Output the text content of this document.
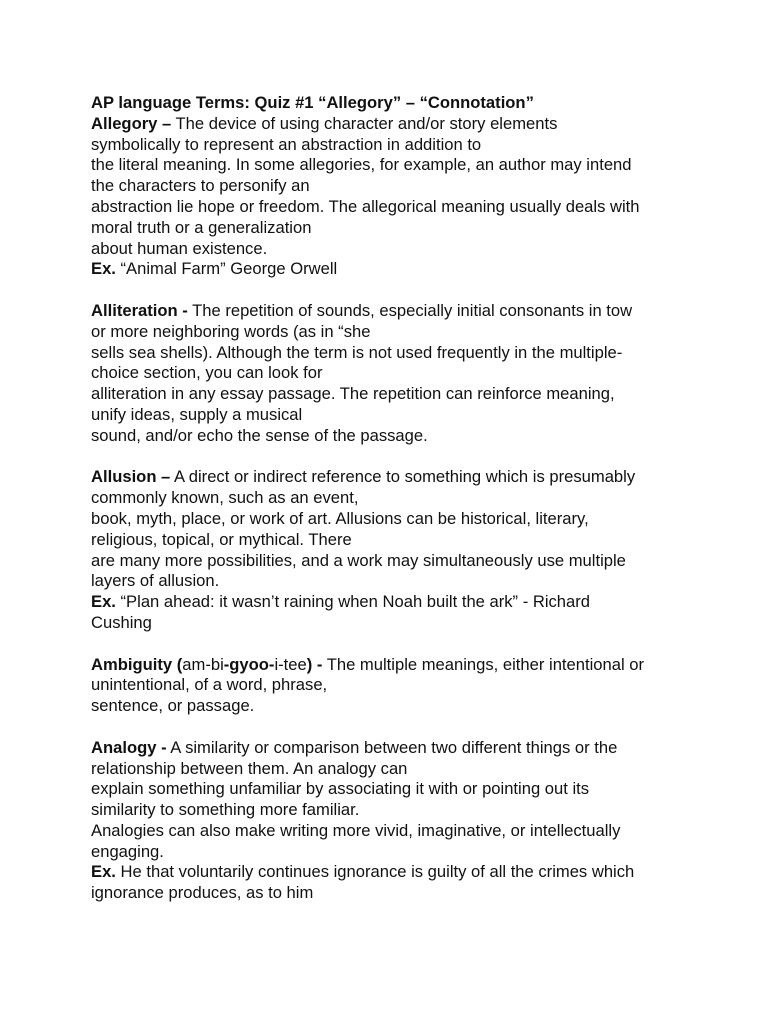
AP language Terms: Quiz #1 “Allegory” – “Connotation”
Allegory – The device of using character and/or story elements
symbolically to represent an abstraction in addition to
the literal meaning. In some allegories, for example, an author may intend
the characters to personify an
abstraction lie hope or freedom. The allegorical meaning usually deals with
moral truth or a generalization
about human existence.
Ex. “Animal Farm” George Orwell
Alliteration - The repetition of sounds, especially initial consonants in tow
or more neighboring words (as in “she
sells sea shells). Although the term is not used frequently in the multiple-
choice section, you can look for
alliteration in any essay passage. The repetition can reinforce meaning,
unify ideas, supply a musical
sound, and/or echo the sense of the passage.
Allusion – A direct or indirect reference to something which is presumably
commonly known, such as an event,
book, myth, place, or work of art. Allusions can be historical, literary,
religious, topical, or mythical. There
are many more possibilities, and a work may simultaneously use multiple
layers of allusion.
Ex. “Plan ahead: it wasn’t raining when Noah built the ark” - Richard
Cushing
Ambiguity (am-bi-gyoo-i-tee) - The multiple meanings, either intentional or
unintentional, of a word, phrase,
sentence, or passage.
Analogy - A similarity or comparison between two different things or the
relationship between them. An analogy can
explain something unfamiliar by associating it with or pointing out its
similarity to something more familiar.
Analogies can also make writing more vivid, imaginative, or intellectually
engaging.
Ex. He that voluntarily continues ignorance is guilty of all the crimes which
ignorance produces, as to him
